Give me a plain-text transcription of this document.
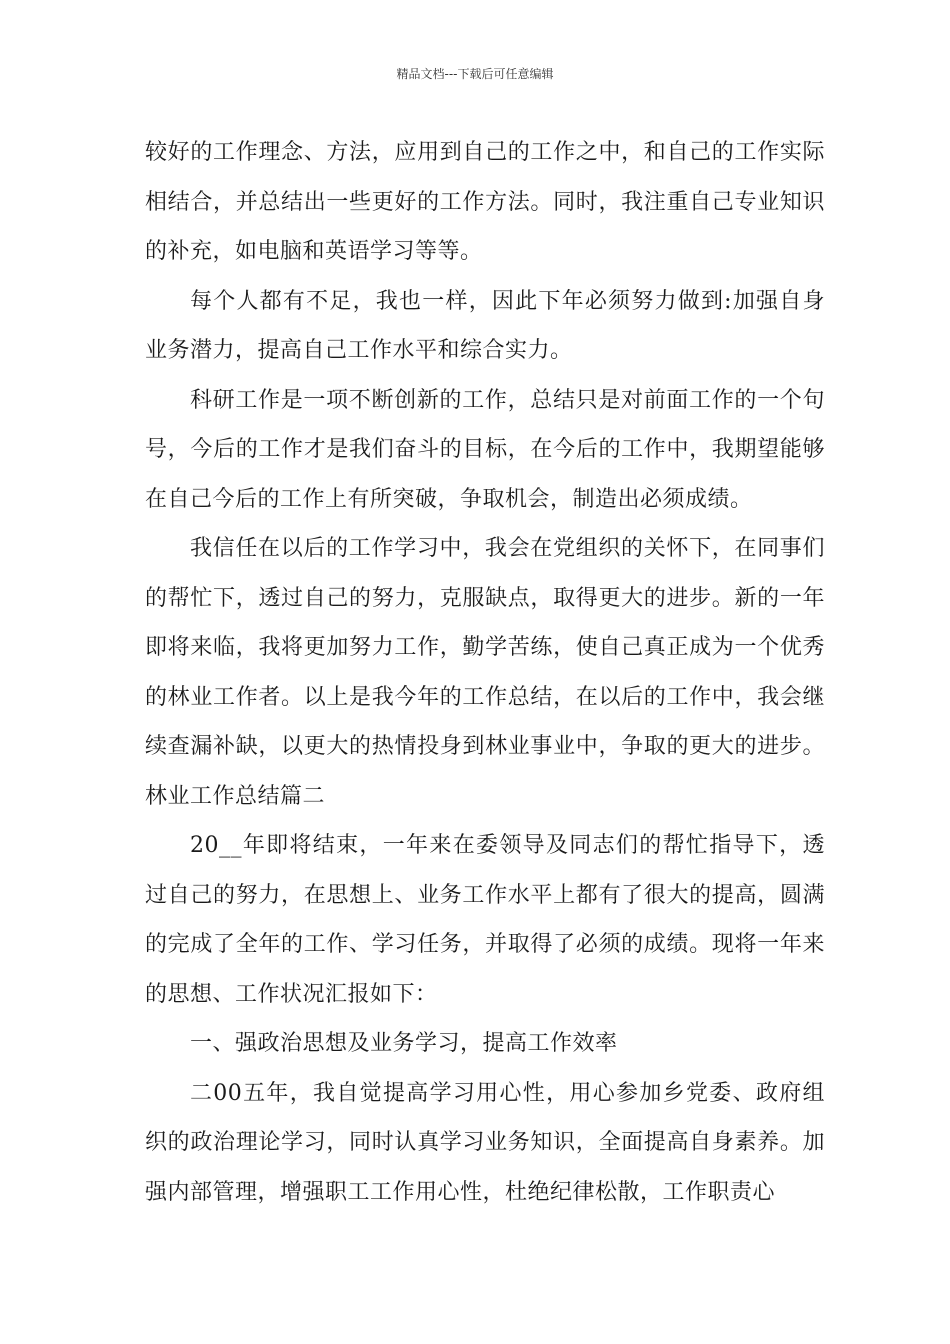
精品文档---下载后可任意编辑

较好的工作理念、方法，应用到自己的工作之中，和自己的工作实际相结合，并总结出一些更好的工作方法。同时，我注重自己专业知识的补充，如电脑和英语学习等等。

每个人都有不足，我也一样，因此下年必须努力做到:加强自身业务潜力，提高自己工作水平和综合实力。

科研工作是一项不断创新的工作，总结只是对前面工作的一个句号，今后的工作才是我们奋斗的目标，在今后的工作中，我期望能够在自己今后的工作上有所突破，争取机会，制造出必须成绩。

我信任在以后的工作学习中，我会在党组织的关怀下，在同事们的帮忙下，透过自己的努力，克服缺点，取得更大的进步。新的一年即将来临，我将更加努力工作，勤学苦练，使自己真正成为一个优秀的林业工作者。以上是我今年的工作总结，在以后的工作中，我会继续查漏补缺，以更大的热情投身到林业事业中，争取的更大的进步。林业工作总结篇二

20__年即将结束，一年来在委领导及同志们的帮忙指导下，透过自己的努力，在思想上、业务工作水平上都有了很大的提高，圆满的完成了全年的工作、学习任务，并取得了必须的成绩。现将一年来的思想、工作状况汇报如下：

一、强政治思想及业务学习，提高工作效率

二00五年，我自觉提高学习用心性，用心参加乡党委、政府组织的政治理论学习，同时认真学习业务知识，全面提高自身素养。加强内部管理，增强职工工作用心性，杜绝纪律松散，工作职责心
